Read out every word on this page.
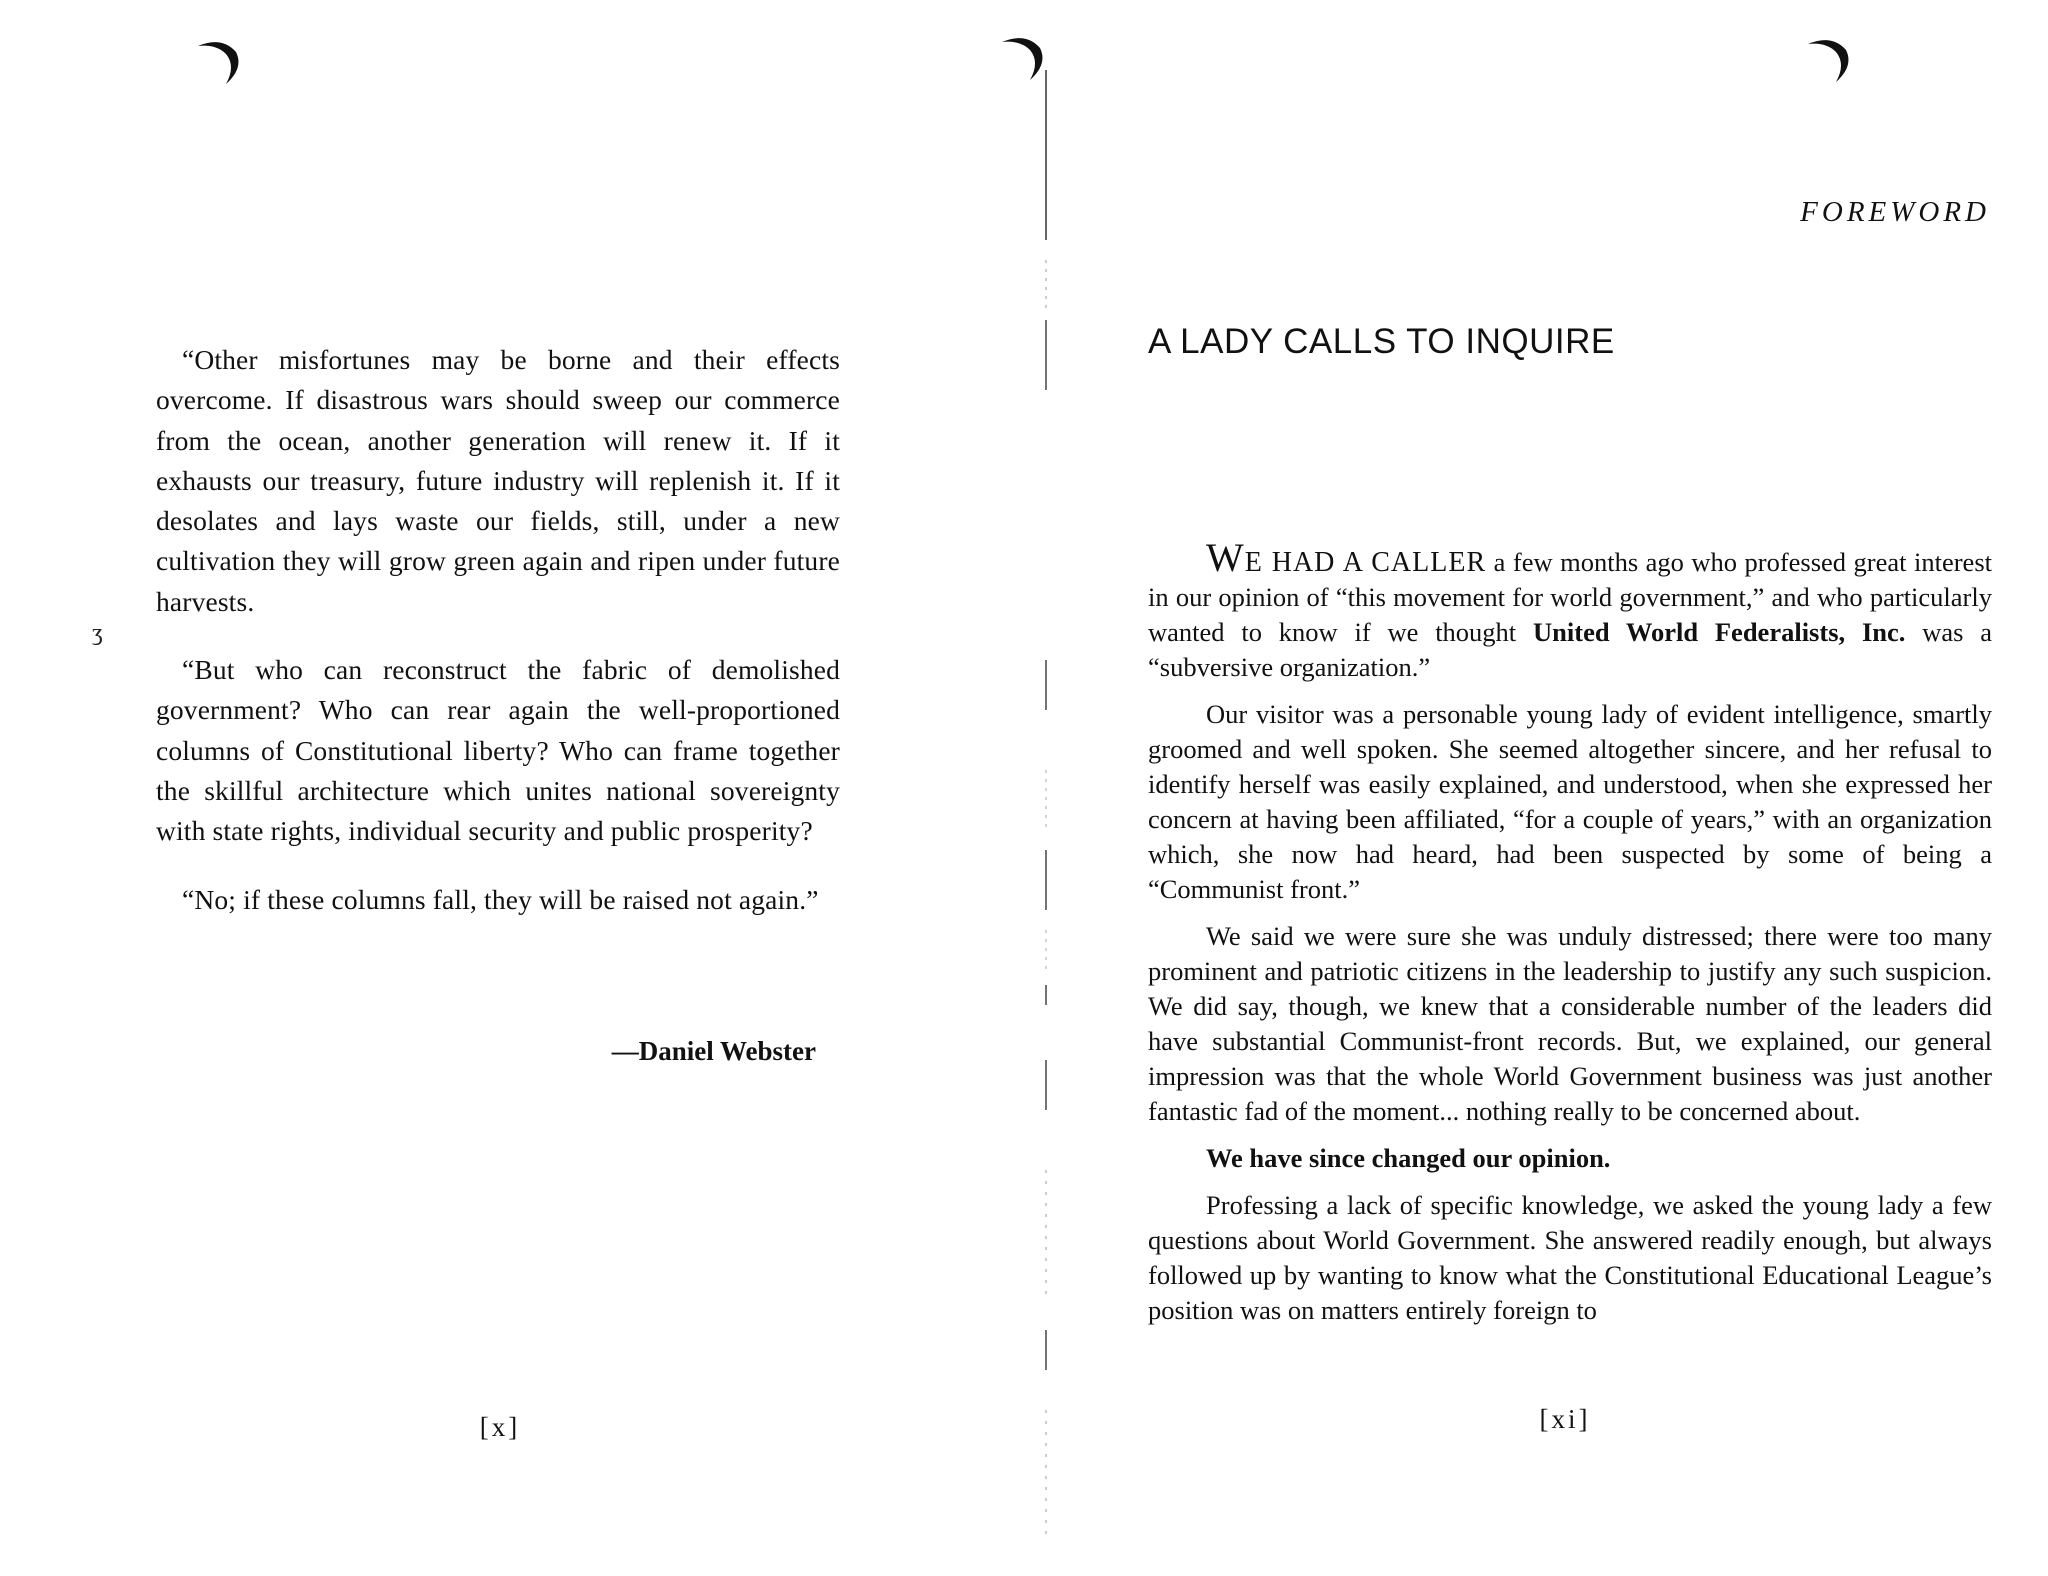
ʒ

“Other misfortunes may be borne and their effects overcome. If disastrous wars should sweep our commerce from the ocean, another generation will renew it. If it exhausts our treasury, future industry will replenish it. If it desolates and lays waste our fields, still, under a new cultivation they will grow green again and ripen under future harvests.

“But who can reconstruct the fabric of demolished government? Who can rear again the well-proportioned columns of Constitutional liberty? Who can frame together the skillful architecture which unites national sovereignty with state rights, individual security and public prosperity?

“No; if these columns fall, they will be raised not again.”

—Daniel Webster
[x]
FOREWORD
A LADY CALLS TO INQUIRE

WE HAD A CALLER a few months ago who professed great interest in our opinion of “this movement for world government,” and who particularly wanted to know if we thought United World Federalists, Inc. was a “subversive organization.”

Our visitor was a personable young lady of evident intelligence, smartly groomed and well spoken. She seemed altogether sincere, and her refusal to identify herself was easily explained, and understood, when she expressed her concern at having been affiliated, “for a couple of years,” with an organization which, she now had heard, had been suspected by some of being a “Communist front.”

We said we were sure she was unduly distressed; there were too many prominent and patriotic citizens in the leadership to justify any such suspicion. We did say, though, we knew that a considerable number of the leaders did have substantial Communist-front records. But, we explained, our general impression was that the whole World Government business was just another fantastic fad of the moment... nothing really to be concerned about.

We have since changed our opinion.

Professing a lack of specific knowledge, we asked the young lady a few questions about World Government. She answered readily enough, but always followed up by wanting to know what the Constitutional Educational League’s position was on matters entirely foreign to

[xi]
